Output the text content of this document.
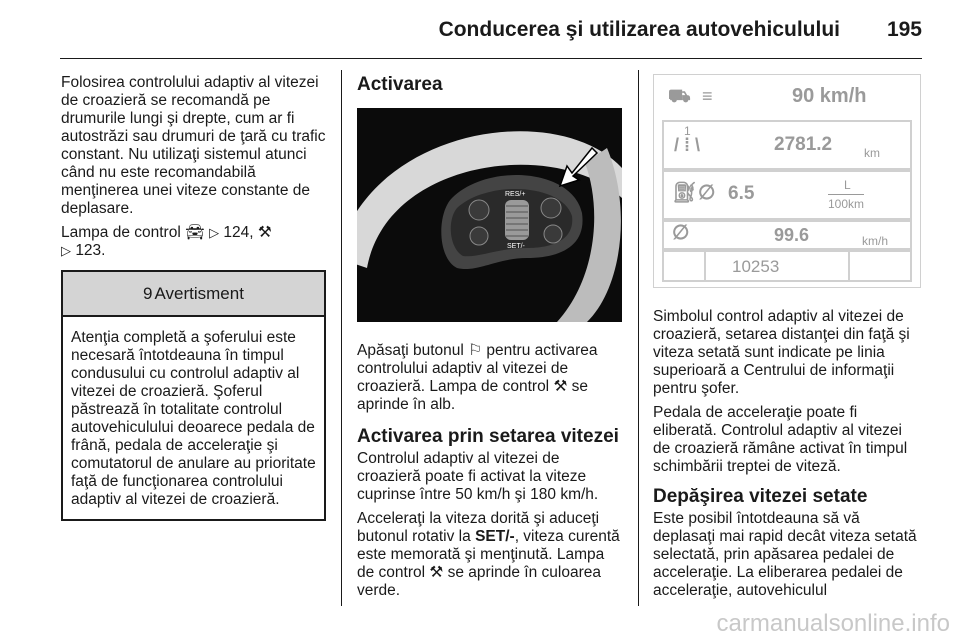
Conducerea şi utilizarea autovehiculului 195

Folosirea controlului adaptiv al vitezei de croazieră se recomandă pe drumurile lungi şi drepte, cum ar fi autostrăzi sau drumuri de ţară cu trafic constant. Nu utilizaţi sistemul atunci când nu este recomandabilă menţinerea unei viteze constante de deplasare.

Lampa de control 🚘︎ ▷ 124, ⚒︎
▷ 123.

9 Avertisment
Atenţia completă a şoferului este necesară întotdeauna în timpul condusului cu controlul adaptiv al vitezei de croazieră. Şoferul păstrează în totalitate controlul autovehiculului deoarece pedala de frână, pedala de acceleraţie şi comutatorul de anulare au prioritate faţă de funcţionarea controlului adaptiv al vitezei de croazieră.
Activarea
RES/+
SET/-

Apăsaţi butonul ⚐︎ pentru activarea controlului adaptiv al vitezei de croazieră. Lampa de control ⚒︎ se aprinde în alb.

Activarea prin setarea vitezei

Controlul adaptiv al vitezei de croazieră poate fi activat la viteze cuprinse între 50 km/h şi 180 km/h.

Acceleraţi la viteza dorită şi aduceţi butonul rotativ la SET/-, viteza curentă este memorată şi menţinută. Lampa de control ⚒︎ se aprinde în culoarea verde.

⛟ ≡	90 km/h
1
/ ⁞ \	2781.2	km
⛽︎ ∅ 6.5	L
100km
∅	99.6	km/h
10253

Simbolul control adaptiv al vitezei de croazieră, setarea distanţei din faţă şi viteza setată sunt indicate pe linia superioară a Centrului de informaţii pentru şofer.

Pedala de acceleraţie poate fi eliberată. Controlul adaptiv al vitezei de croazieră rămâne activat în timpul schimbării treptei de viteză.

Depăşirea vitezei setate

Este posibil întotdeauna să vă deplasaţi mai rapid decât viteza setată selectată, prin apăsarea pedalei de acceleraţie. La eliberarea pedalei de acceleraţie, autovehiculul

carmanualsonline.info
